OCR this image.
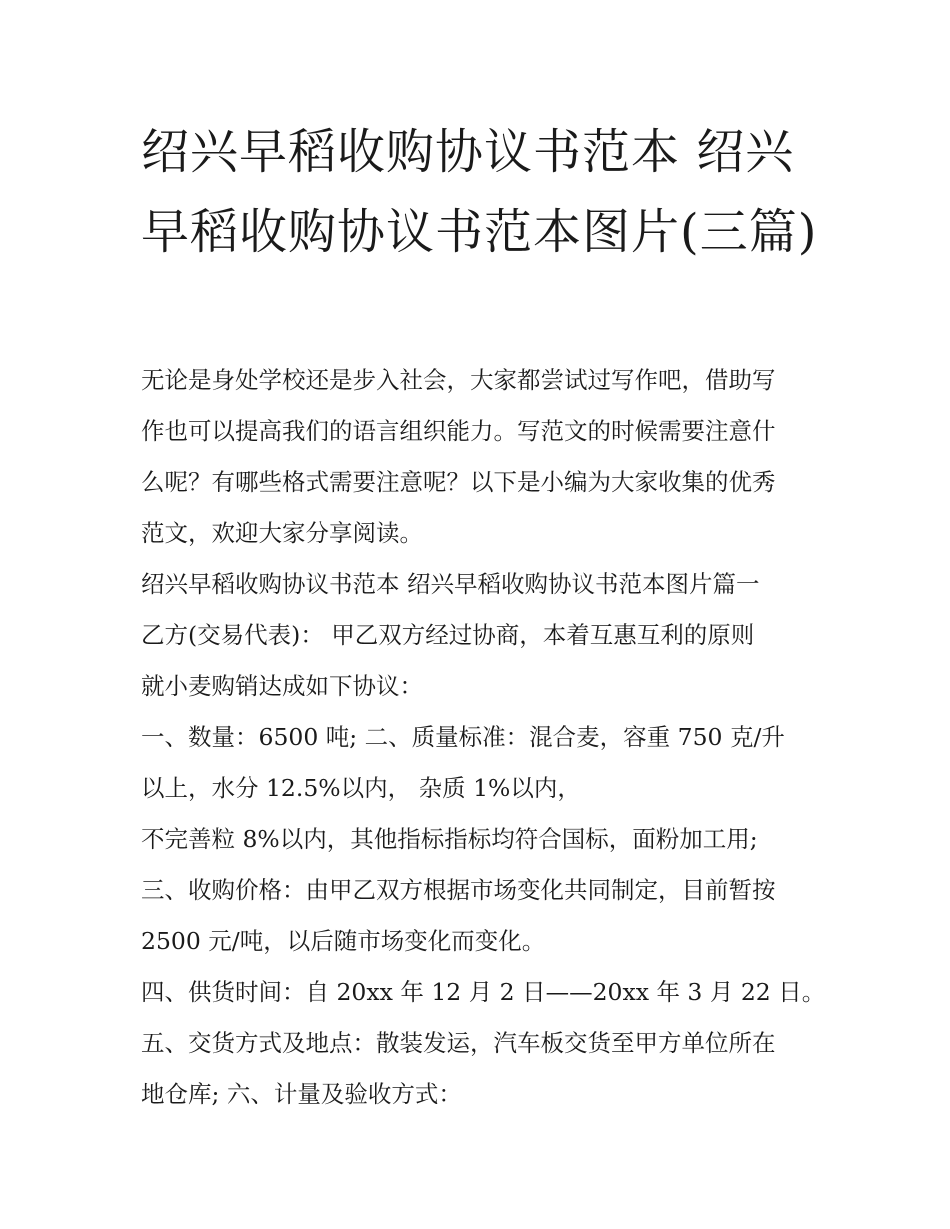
绍兴早稻收购协议书范本 绍兴早稻收购协议书范本图片(三篇)

无论是身处学校还是步入社会，大家都尝试过写作吧，借助写

作也可以提高我们的语言组织能力。写范文的时候需要注意什

么呢？有哪些格式需要注意呢？以下是小编为大家收集的优秀

范文，欢迎大家分享阅读。

绍兴早稻收购协议书范本 绍兴早稻收购协议书范本图片篇一

乙方(交易代表)： 甲乙双方经过协商，本着互惠互利的原则

就小麦购销达成如下协议：

一、数量：6500 吨; 二、质量标准：混合麦，容重 750 克/升

以上，水分 12.5%以内， 杂质 1%以内，

不完善粒 8%以内，其他指标指标均符合国标，面粉加工用;

三、收购价格：由甲乙双方根据市场变化共同制定，目前暂按

2500 元/吨，以后随市场变化而变化。

四、供货时间：自 20xx 年 12 月 2 日——20xx 年 3 月 22 日。

五、交货方式及地点：散装发运，汽车板交货至甲方单位所在

地仓库; 六、计量及验收方式：
